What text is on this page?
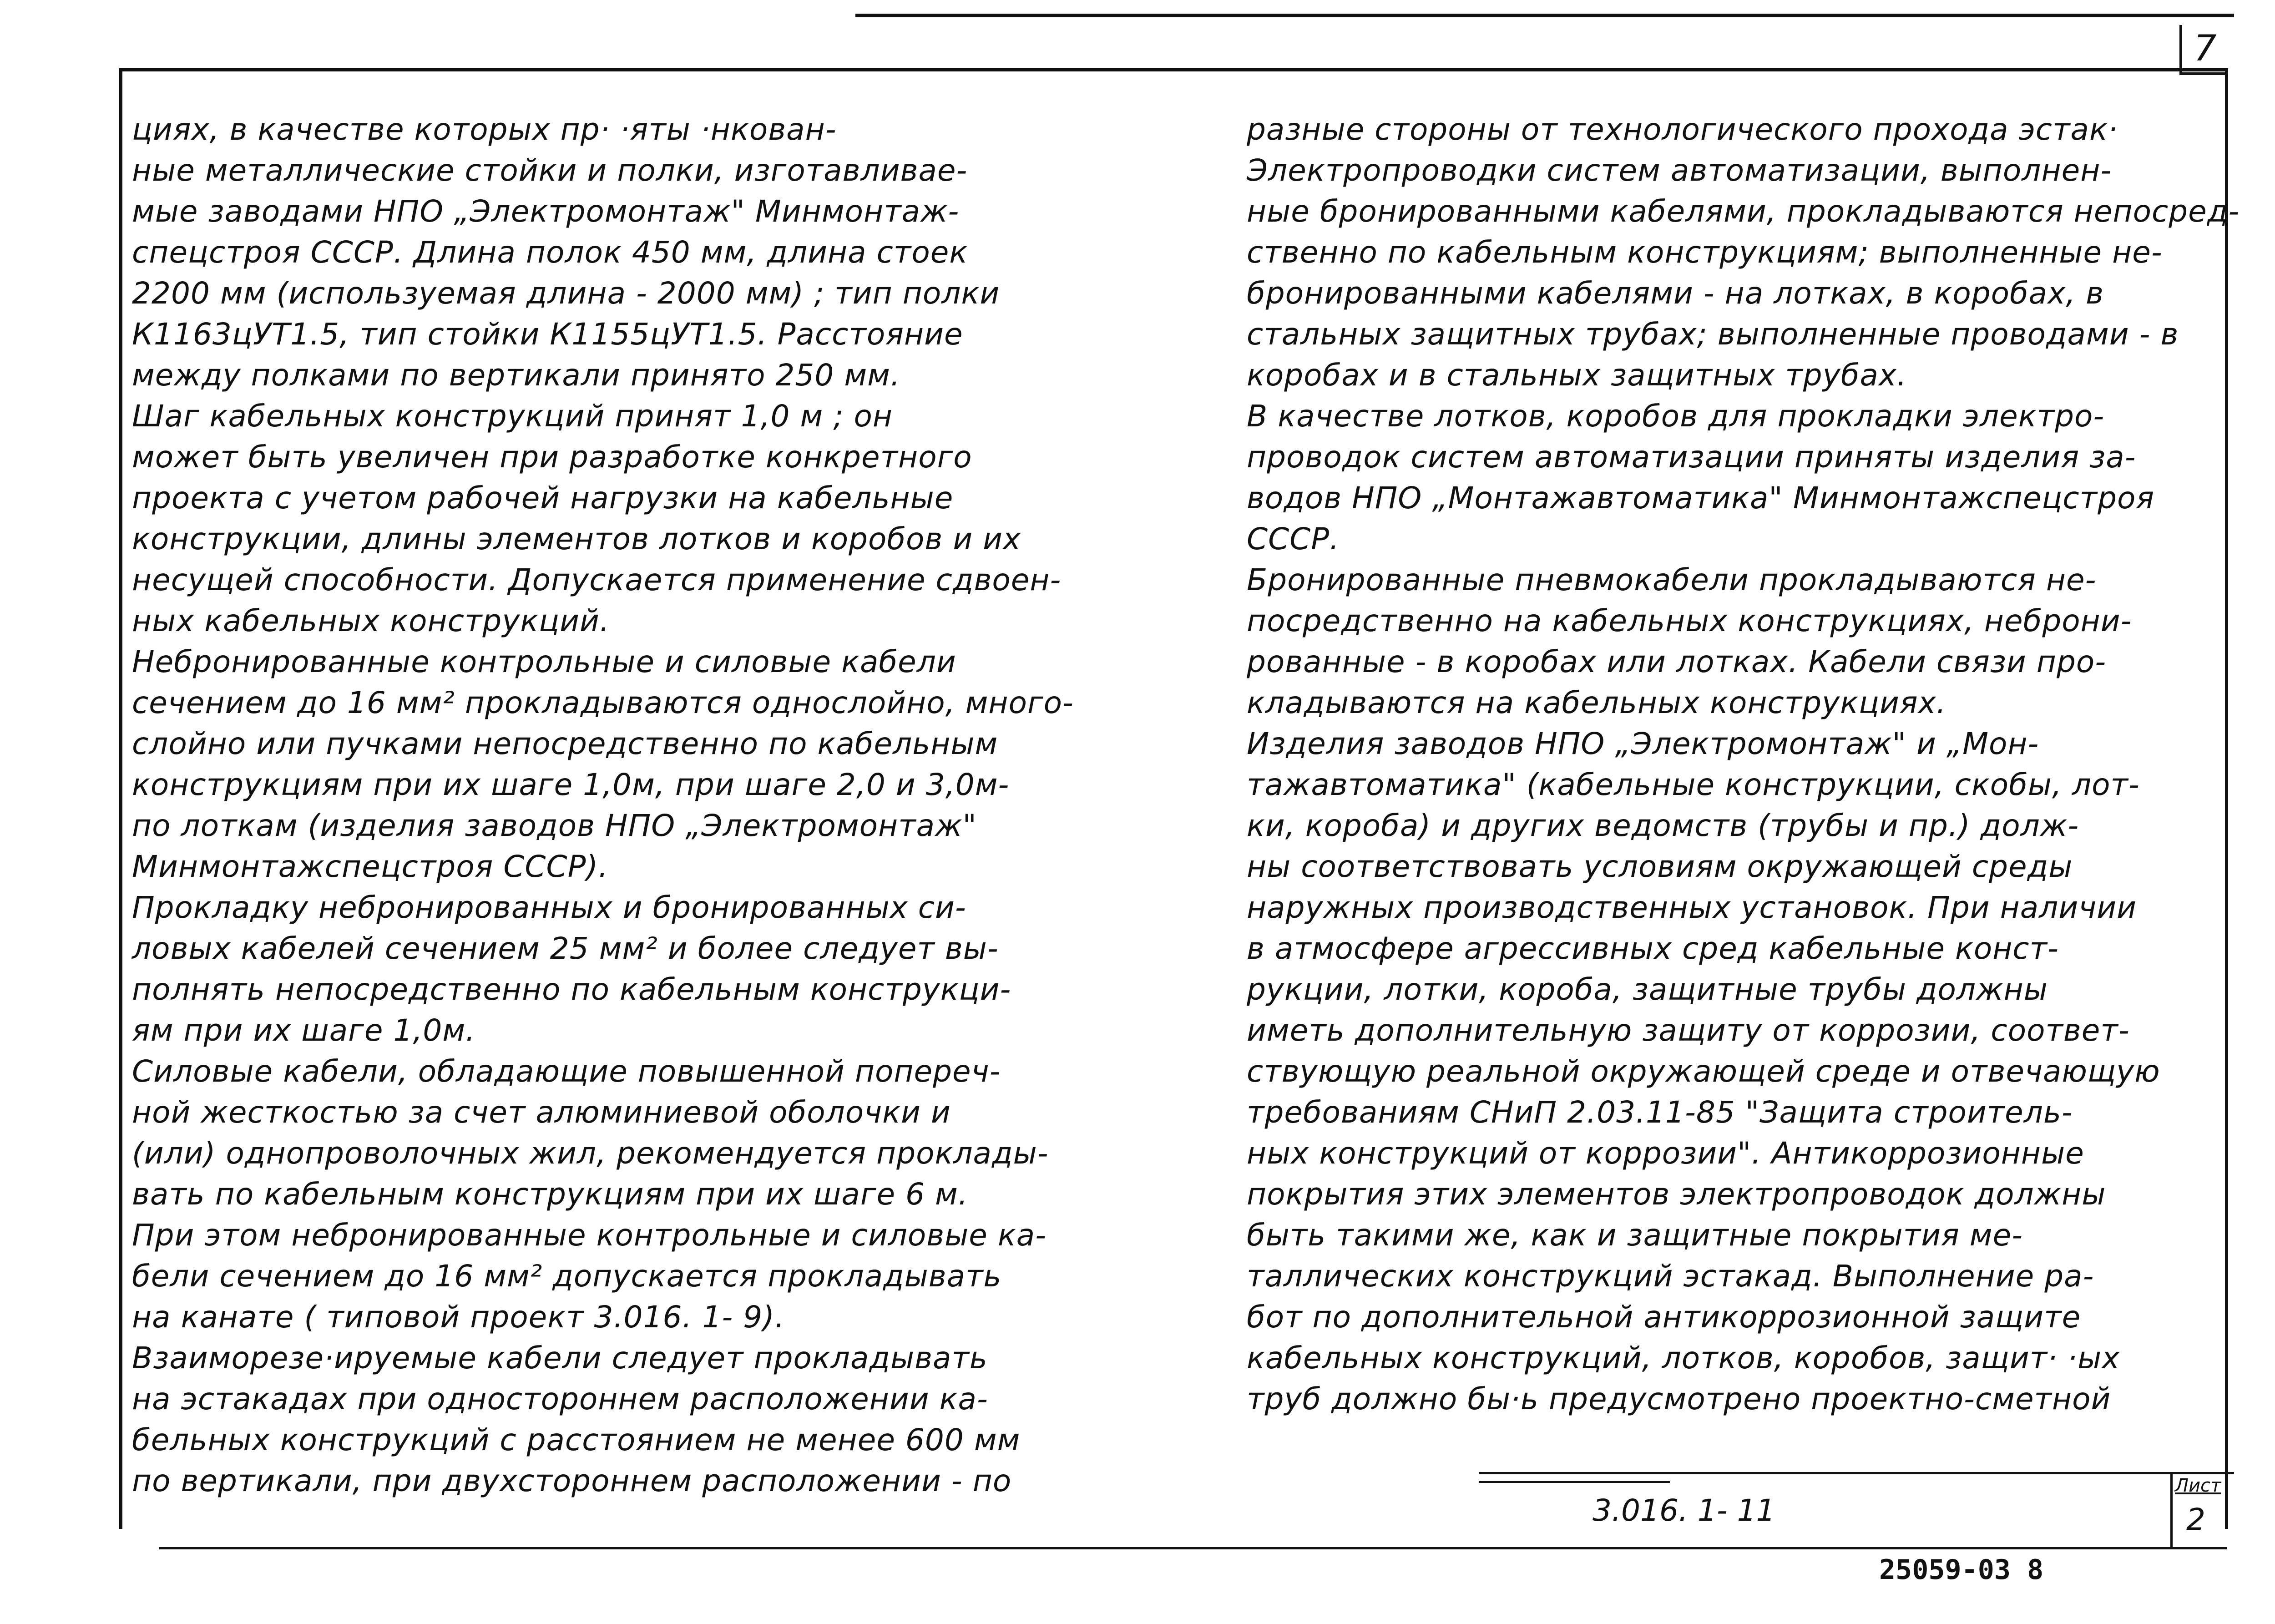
7
циях, в качестве которых пр· ·яты ·нкован-
ные металлические стойки и полки, изготавливае-
мые заводами НПО „Электромонтаж" Минмонтаж-
спецстроя СССР. Длина полок 450 мм, длина стоек
2200 мм (используемая длина - 2000 мм) ; тип полки
К1163цУТ1.5, тип стойки К1155цУТ1.5. Расстояние
между полками по вертикали принято 250 мм.
Шаг кабельных конструкций принят 1,0 м ; он
может быть увеличен при разработке конкретного
проекта с учетом рабочей нагрузки на кабельные
конструкции, длины элементов лотков и коробов и их
несущей способности. Допускается применение сдвоен-
ных кабельных конструкций.
Небронированные контрольные и силовые кабели
сечением до 16 мм² прокладываются однослойно, много-
слойно или пучками непосредственно по кабельным
конструкциям при их шаге 1,0м, при шаге 2,0 и 3,0м-
по лоткам (изделия заводов НПО „Электромонтаж"
Минмонтажспецстроя СССР).
Прокладку небронированных и бронированных си-
ловых кабелей сечением 25 мм² и более следует вы-
полнять непосредственно по кабельным конструкци-
ям при их шаге 1,0м.
Силовые кабели, обладающие повышенной попереч-
ной жесткостью за счет алюминиевой оболочки и
(или) однопроволочных жил, рекомендуется проклады-
вать по кабельным конструкциям при их шаге 6 м.
При этом небронированные контрольные и силовые ка-
бели сечением до 16 мм² допускается прокладывать
на канате ( типовой проект 3.016. 1- 9).
Взаиморезе·ируемые кабели следует прокладывать
на эстакадах при одностороннем расположении ка-
бельных конструкций с расстоянием не менее 600 мм
по вертикали, при двухстороннем расположении - по
разные стороны от технологического прохода эстак·
Электропроводки систем автоматизации, выполнен-
ные бронированными кабелями, прокладываются непосред-
ственно по кабельным конструкциям; выполненные не-
бронированными кабелями - на лотках, в коробах, в
стальных защитных трубах; выполненные проводами - в
коробах и в стальных защитных трубах.
В качестве лотков, коробов для прокладки электро-
проводок систем автоматизации приняты изделия за-
водов НПО „Монтажавтоматика" Минмонтажспецстроя
СССР.
Бронированные пневмокабели прокладываются не-
посредственно на кабельных конструкциях, неброни-
рованные - в коробах или лотках. Кабели связи про-
кладываются на кабельных конструкциях.
Изделия заводов НПО „Электромонтаж" и „Мон-
тажавтоматика" (кабельные конструкции, скобы, лот-
ки, короба) и других ведомств (трубы и пр.) долж-
ны соответствовать условиям окружающей среды
наружных производственных установок. При наличии
в атмосфере агрессивных сред кабельные конст-
рукции, лотки, короба, защитные трубы должны
иметь дополнительную защиту от коррозии, соответ-
ствующую реальной окружающей среде и отвечающую
требованиям СНиП 2.03.11-85 "Защита строитель-
ных конструкций от коррозии". Антикоррозионные
покрытия этих элементов электропроводок должны
быть такими же, как и защитные покрытия ме-
таллических конструкций эстакад. Выполнение ра-
бот по дополнительной антикоррозионной защите
кабельных конструкций, лотков, коробов, защит· ·ых
труб должно бы·ь предусмотрено проектно-сметной
3.016. 1- 11
Лист
2
25059-03 8
